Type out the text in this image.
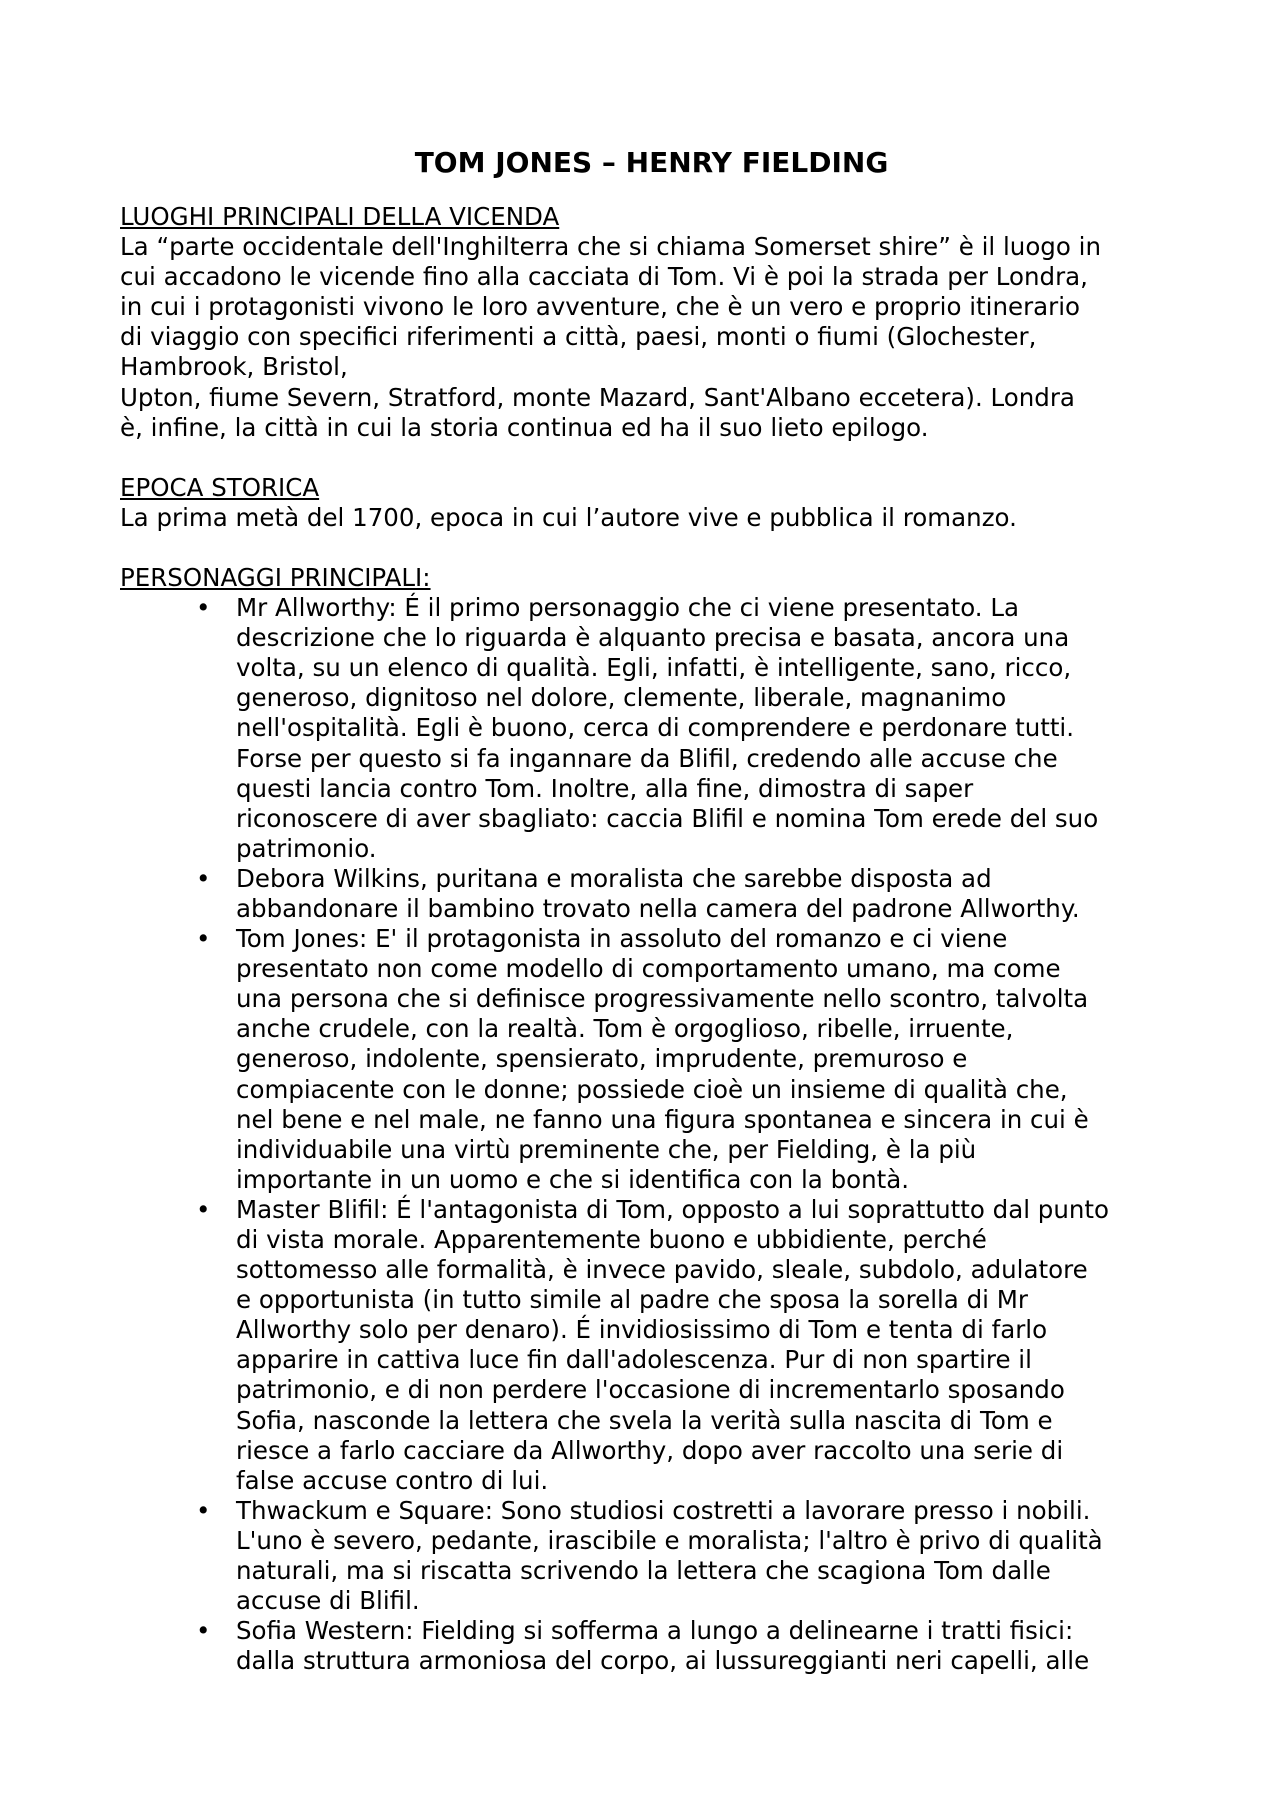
TOM JONES – HENRY FIELDING

LUOGHI PRINCIPALI DELLA VICENDA

La “parte occidentale dell'Inghilterra che si chiama Somerset shire” è il luogo in
cui accadono le vicende fino alla cacciata di Tom. Vi è poi la strada per Londra,
in cui i protagonisti vivono le loro avventure, che è un vero e proprio itinerario
di viaggio con specifici riferimenti a città, paesi, monti o fiumi (Glochester,
Hambrook, Bristol,
Upton, fiume Severn, Stratford, monte Mazard, Sant'Albano eccetera). Londra
è, infine, la città in cui la storia continua ed ha il suo lieto epilogo.

EPOCA STORICA

La prima metà del 1700, epoca in cui l’autore vive e pubblica il romanzo.

PERSONAGGI PRINCIPALI:

• Mr Allworthy: É il primo personaggio che ci viene presentato. La
descrizione che lo riguarda è alquanto precisa e basata, ancora una
volta, su un elenco di qualità. Egli, infatti, è intelligente, sano, ricco,
generoso, dignitoso nel dolore, clemente, liberale, magnanimo
nell'ospitalità. Egli è buono, cerca di comprendere e perdonare tutti.
Forse per questo si fa ingannare da Blifil, credendo alle accuse che
questi lancia contro Tom. Inoltre, alla fine, dimostra di saper
riconoscere di aver sbagliato: caccia Blifil e nomina Tom erede del suo
patrimonio.
• Debora Wilkins, puritana e moralista che sarebbe disposta ad
abbandonare il bambino trovato nella camera del padrone Allworthy.
• Tom Jones: E' il protagonista in assoluto del romanzo e ci viene
presentato non come modello di comportamento umano, ma come
una persona che si definisce progressivamente nello scontro, talvolta
anche crudele, con la realtà. Tom è orgoglioso, ribelle, irruente,
generoso, indolente, spensierato, imprudente, premuroso e
compiacente con le donne; possiede cioè un insieme di qualità che,
nel bene e nel male, ne fanno una figura spontanea e sincera in cui è
individuabile una virtù preminente che, per Fielding, è la più
importante in un uomo e che si identifica con la bontà.
• Master Blifil: É l'antagonista di Tom, opposto a lui soprattutto dal punto
di vista morale. Apparentemente buono e ubbidiente, perché
sottomesso alle formalità, è invece pavido, sleale, subdolo, adulatore
e opportunista (in tutto simile al padre che sposa la sorella di Mr
Allworthy solo per denaro). É invidiosissimo di Tom e tenta di farlo
apparire in cattiva luce fin dall'adolescenza. Pur di non spartire il
patrimonio, e di non perdere l'occasione di incrementarlo sposando
Sofia, nasconde la lettera che svela la verità sulla nascita di Tom e
riesce a farlo cacciare da Allworthy, dopo aver raccolto una serie di
false accuse contro di lui.
• Thwackum e Square: Sono studiosi costretti a lavorare presso i nobili.
L'uno è severo, pedante, irascibile e moralista; l'altro è privo di qualità
naturali, ma si riscatta scrivendo la lettera che scagiona Tom dalle
accuse di Blifil.
• Sofia Western: Fielding si sofferma a lungo a delinearne i tratti fisici:
dalla struttura armoniosa del corpo, ai lussureggianti neri capelli, alle
